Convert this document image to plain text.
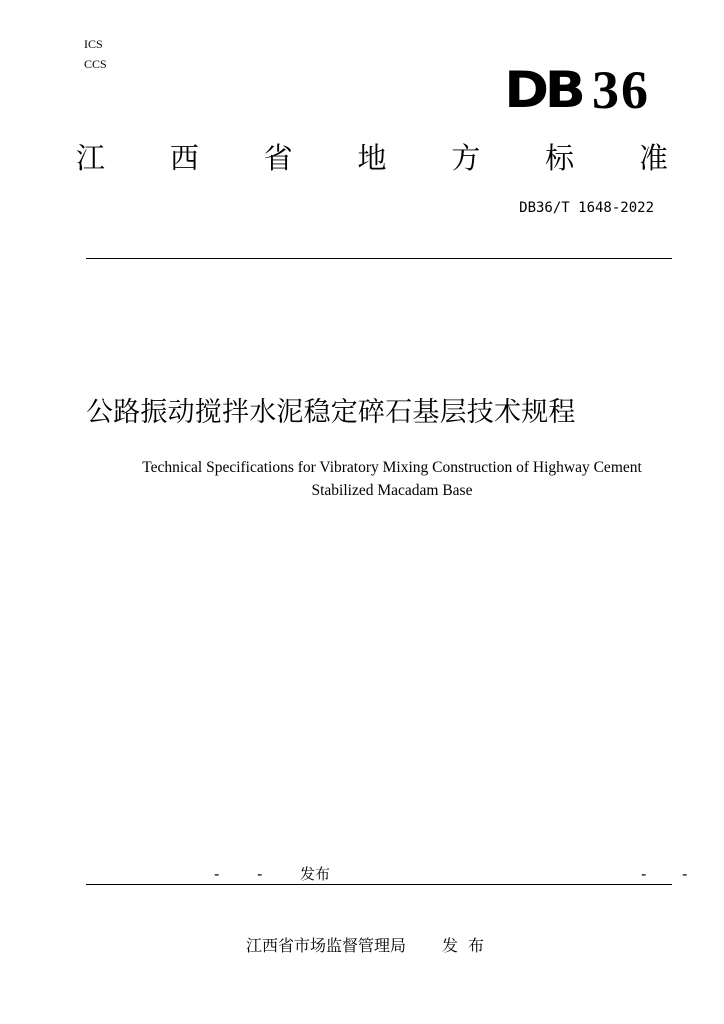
ICS
CCS	DB 36
江 西 省 地 方 标 准
DB36/T 1648-2022
公路振动搅拌水泥稳定碎石基层技术规程
Technical Specifications for Vibratory Mixing Construction of Highway Cement
Stabilized Macadam Base
-	-	发布	- -
江西省市场监督管理局 发布
